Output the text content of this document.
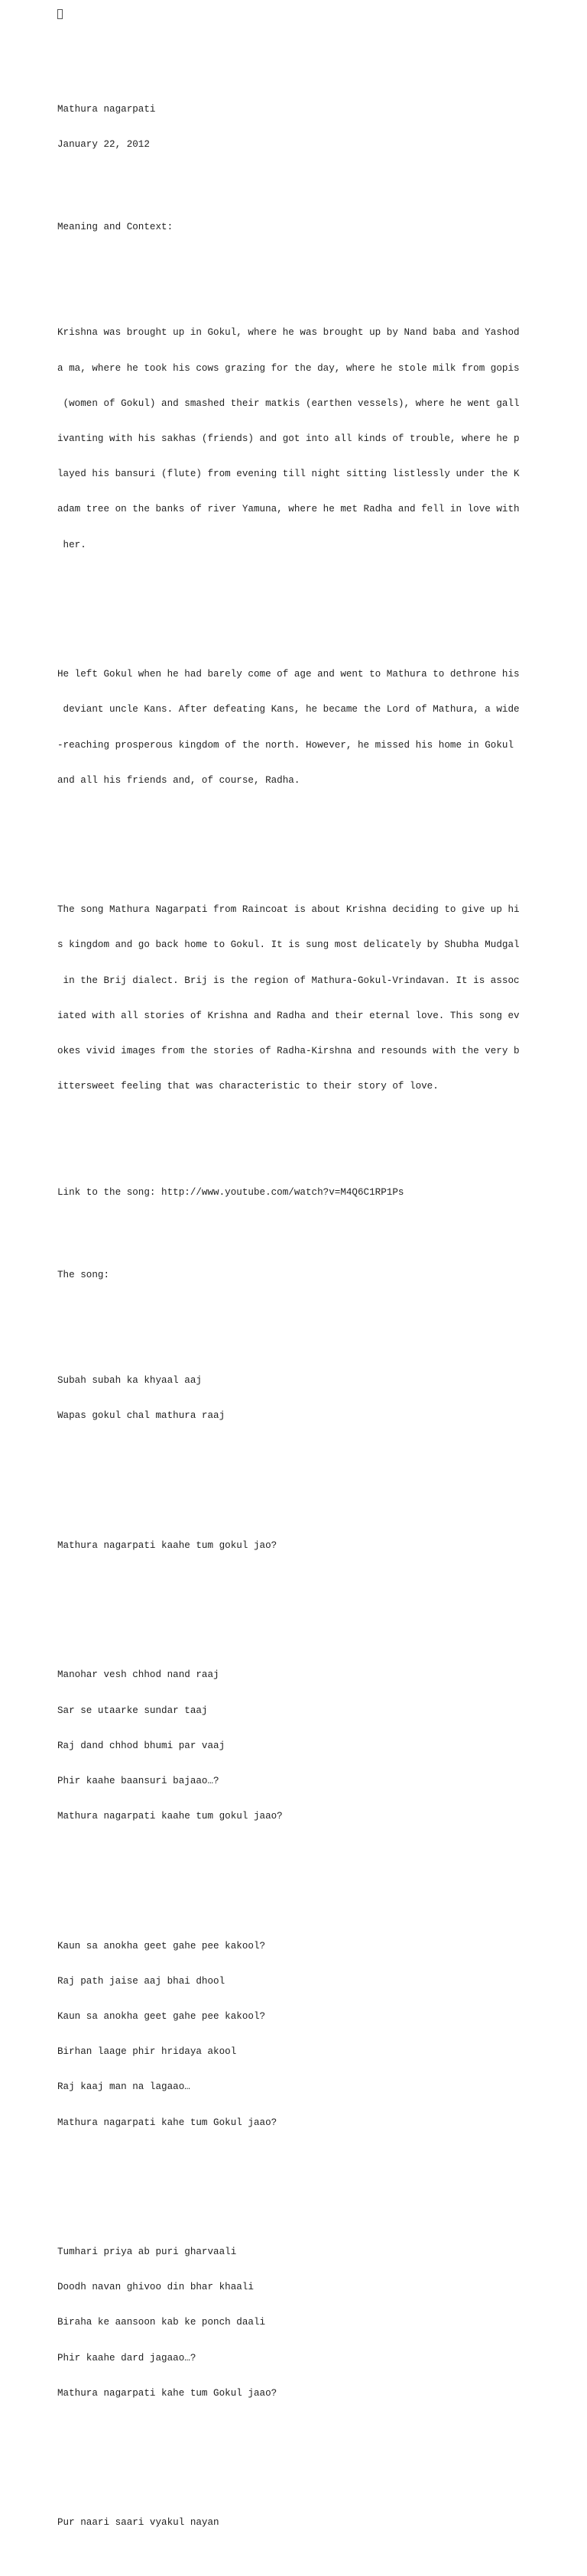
Mathura nagarpati

January 22, 2012

Meaning and Context:

Krishna was brought up in Gokul, where he was brought up by Nand baba and Yashod

a ma, where he took his cows grazing for the day, where he stole milk from gopis

(women of Gokul) and smashed their matkis (earthen vessels), where he went gall

ivanting with his sakhas (friends) and got into all kinds of trouble, where he p

layed his bansuri (flute) from evening till night sitting listlessly under the K

adam tree on the banks of river Yamuna, where he met Radha and fell in love with

her.

He left Gokul when he had barely come of age and went to Mathura to dethrone his

deviant uncle Kans. After defeating Kans, he became the Lord of Mathura, a wide

-reaching prosperous kingdom of the north. However, he missed his home in Gokul

and all his friends and, of course, Radha.

The song Mathura Nagarpati from Raincoat is about Krishna deciding to give up hi

s kingdom and go back home to Gokul. It is sung most delicately by Shubha Mudgal

in the Brij dialect. Brij is the region of Mathura-Gokul-Vrindavan. It is assoc

iated with all stories of Krishna and Radha and their eternal love. This song ev

okes vivid images from the stories of Radha-Kirshna and resounds with the very b

ittersweet feeling that was characteristic to their story of love.

Link to the song: http://www.youtube.com/watch?v=M4Q6C1RP1Ps

The song:

Subah subah ka khyaal aaj

Wapas gokul chal mathura raaj

Mathura nagarpati kaahe tum gokul jao?

Manohar vesh chhod nand raaj

Sar se utaarke sundar taaj

Raj dand chhod bhumi par vaaj

Phir kaahe baansuri bajaao…?

Mathura nagarpati kaahe tum gokul jaao?

Kaun sa anokha geet gahe pee kakool?

Raj path jaise aaj bhai dhool

Kaun sa anokha geet gahe pee kakool?

Birhan laage phir hridaya akool

Raj kaaj man na lagaao…

Mathura nagarpati kahe tum Gokul jaao?

Tumhari priya ab puri gharvaali

Doodh navan ghivoo din bhar khaali

Biraha ke aansoon kab ke ponch daali

Phir kaahe dard jagaao…?

Mathura nagarpati kahe tum Gokul jaao?

Pur naari saari vyakul nayan
